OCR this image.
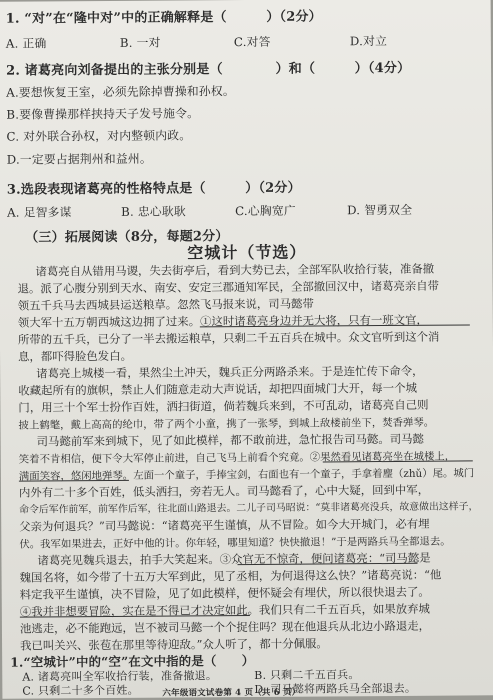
1. “对”在“隆中对”中的正确解释是（　　　）（2分）
A. 正确	B. 一对	C.对答	D.对立
2. 诸葛亮向刘备提出的主张分别是（　　　　）和（　　　）（4分）
A.要想恢复王室，必须先除掉曹操和孙权。
B.要像曹操那样挟持天子发号施令。
C. 对外联合孙权，对内整顿内政。
D.一定要占据荆州和益州。
3.选段表现诸葛亮的性格特点是（　　　）（2分）
A. 足智多谋	B. 忠心耿耿	C.心胸宽广	D. 智勇双全
（三）拓展阅读（8分，每题2分）
空城计（节选）
诸葛亮自从错用马谡，失去街亭后，看到大势已去，全部军队收拾行装，准备撤
退。派了心腹分别到天水、南安、安定三郡通知军民，全部撤回汉中，诸葛亮亲自带
领五千兵马去西城县运送粮草。忽然飞马报来说，司马懿带
领大军十五万朝西城这边拥了过来。①这时诸葛亮身边并无大将，只有一班文官，
所带的五千兵，已分了一半去搬运粮草，只剩二千五百兵在城中。众文官听到这个消
息，都吓得脸色发白。
诸葛亮上城楼一看，果然尘土冲天，魏兵正分两路杀来。于是连忙传下命令，
收藏起所有的旗帜，禁止人们随意走动大声说话，却把四面城门大开，每一个城
门，用三十个军士扮作百姓，洒扫街道，倘若魏兵来到，不可乱动，诸葛亮自己则
披上鹤氅，戴上高高的纶巾，带了两个小童，携了一张琴，到城上敌楼前坐下，焚香弹琴。
司马懿前军来到城下，见了如此模样，都不敢前进，急忙报告司马懿。司马懿
笑着不肯相信，便下令大军停止前进，自己飞马上前看个究竟。②果然看见诸葛亮坐在城楼上，
满面笑容，悠闲地弹琴。左面一个童子，手捧宝剑，右面也有一个童子，手拿着麈（zhǔ）尾。城门
内外有二十多个百姓，低头洒扫，旁若无人。司马懿看了，心中大疑，回到中军，
命令后军作前军，前军作后军，往北面山路退去。二儿子司马昭说：“莫非诸葛亮没兵，故意做出这样子，
父亲为何退兵？”司马懿说：“诸葛亮平生谨慎，从不冒险。如今大开城门，必有埋
伏。我军如果进去，正好中他的计。你年轻，哪里知道？快快撤退！”于是两路兵马全都退去。
诸葛亮见魏兵退去，拍手大笑起来。③众官无不惊奇，便问诸葛亮：“司马懿是
魏国名将，如今带了十五万大军到此，见了丞相，为何退得这么快？”诸葛亮说：“他
料定我平生谨慎，决不冒险，见了如此模样，便怀疑会有埋伏，所以很快退去了。
④我并非想要冒险，实在是不得已才决定如此。我们只有二千五百兵，如果放弃城
池逃走，必不能跑远，岂不被司马懿一个个捉住吗？现在他退兵从北边小路退走，
我已叫关兴、张苞在那里等待迎敌。”众人听了，都十分佩服。
1.“空城计”中的“空”在文中指的是（　　）
A. 诸葛亮叫全军收拾行装，准备撤退。	B. 只剩二千五百兵。
C. 只剩二十多个百姓。	D. 司马懿将两路兵马全部退去。
六年级语文试卷第 4 页（共 6 页）
